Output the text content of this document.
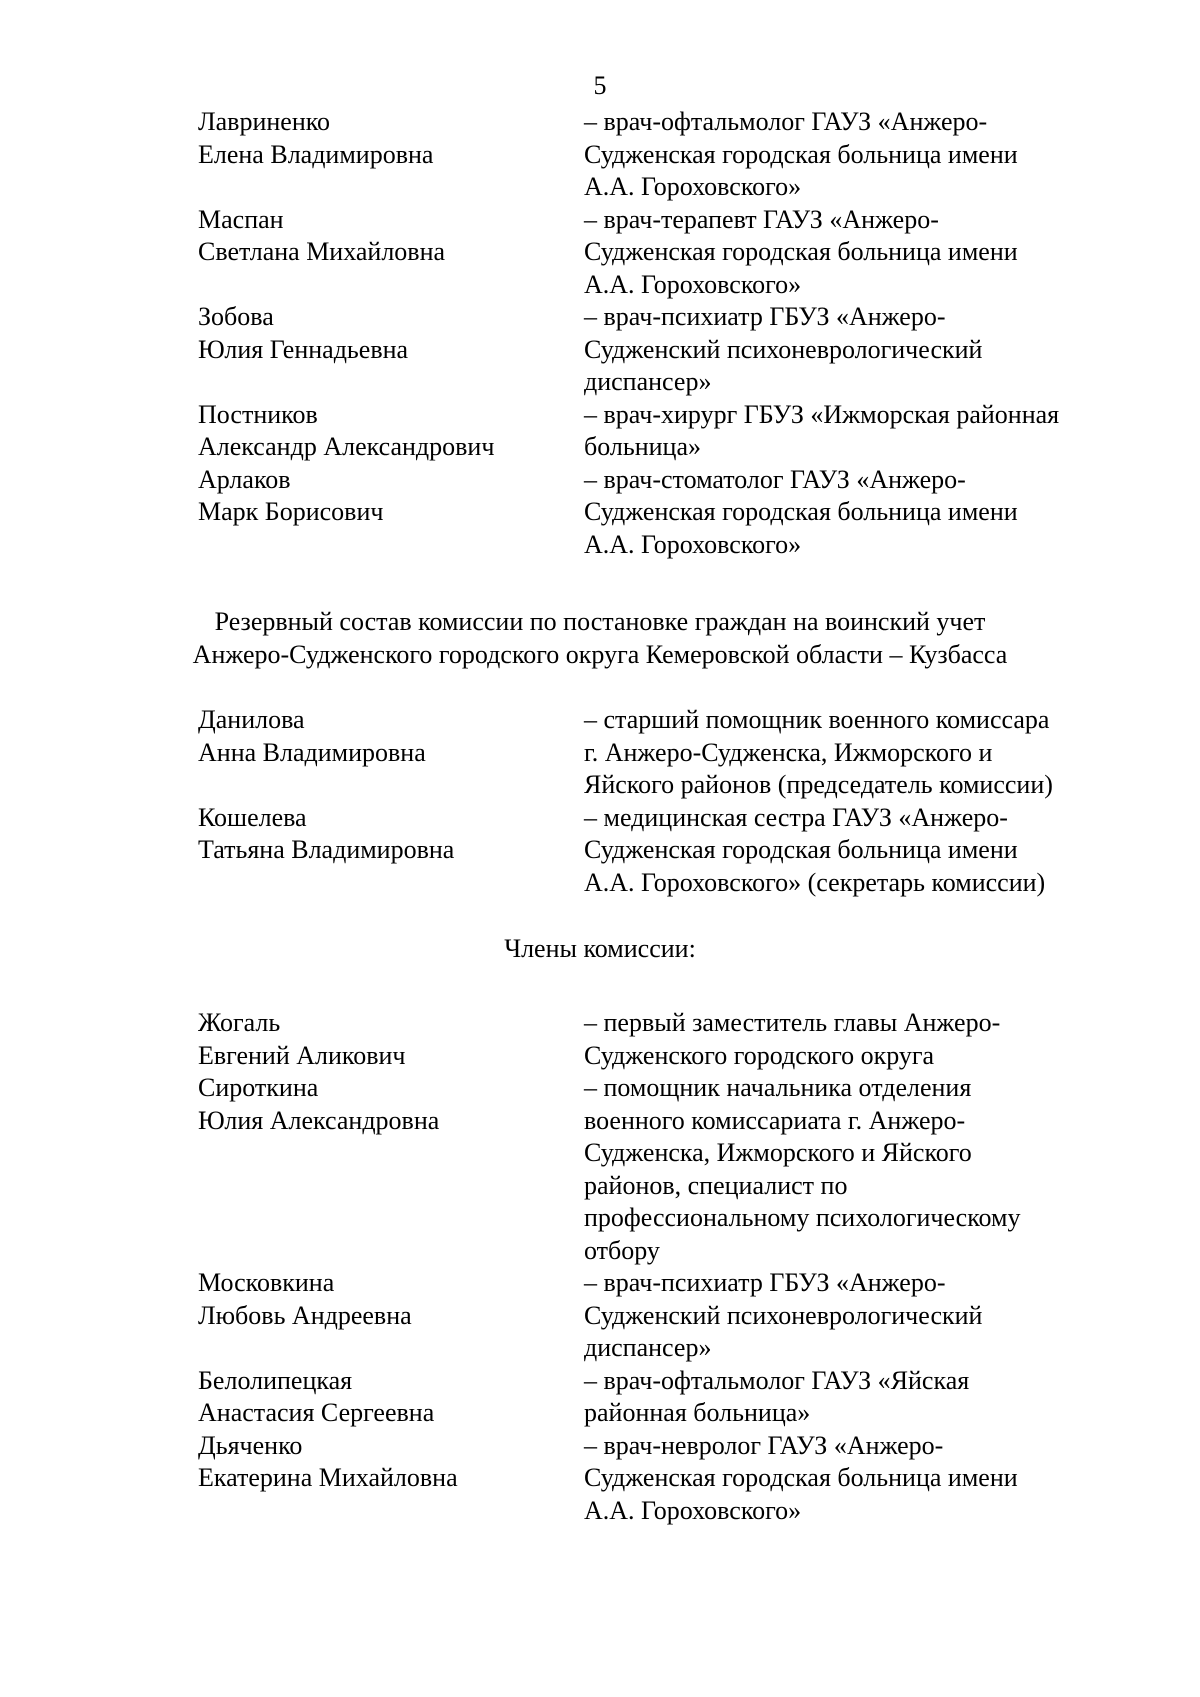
5
Лавриненко
Елена Владимировна
– врач-офтальмолог ГАУЗ «Анжеро-
Судженская городская больница имени
А.А. Гороховского»
Маспан
Светлана Михайловна
– врач-терапевт ГАУЗ «Анжеро-
Судженская городская больница имени
А.А. Гороховского»
Зобова
Юлия Геннадьевна
– врач-психиатр ГБУЗ «Анжеро-
Судженский психоневрологический
диспансер»
Постников
Александр Александрович
– врач-хирург ГБУЗ «Ижморская районная
больница»
Арлаков
Марк Борисович
– врач-стоматолог ГАУЗ «Анжеро-
Судженская городская больница имени
А.А. Гороховского»
Резервный состав комиссии по постановке граждан на воинский учет
Анжеро-Судженского городского округа Кемеровской области – Кузбасса
Данилова
Анна Владимировна
– старший помощник военного комиссара
г. Анжеро-Судженска, Ижморского и
Яйского районов (председатель комиссии)
Кошелева
Татьяна Владимировна
– медицинская сестра ГАУЗ «Анжеро-
Судженская городская больница имени
А.А. Гороховского» (секретарь комиссии)
Члены комиссии:
Жогаль
Евгений Аликович
– первый заместитель главы Анжеро-
Судженского городского округа
Сироткина
Юлия Александровна
– помощник начальника отделения
военного комиссариата г. Анжеро-
Судженска, Ижморского и Яйского
районов, специалист по
профессиональному психологическому
отбору
Московкина
Любовь Андреевна
– врач-психиатр ГБУЗ «Анжеро-
Судженский психоневрологический
диспансер»
Белолипецкая
Анастасия Сергеевна
– врач-офтальмолог ГАУЗ «Яйская
районная больница»
Дьяченко
Екатерина Михайловна
– врач-невролог ГАУЗ «Анжеро-
Судженская городская больница имени
А.А. Гороховского»
